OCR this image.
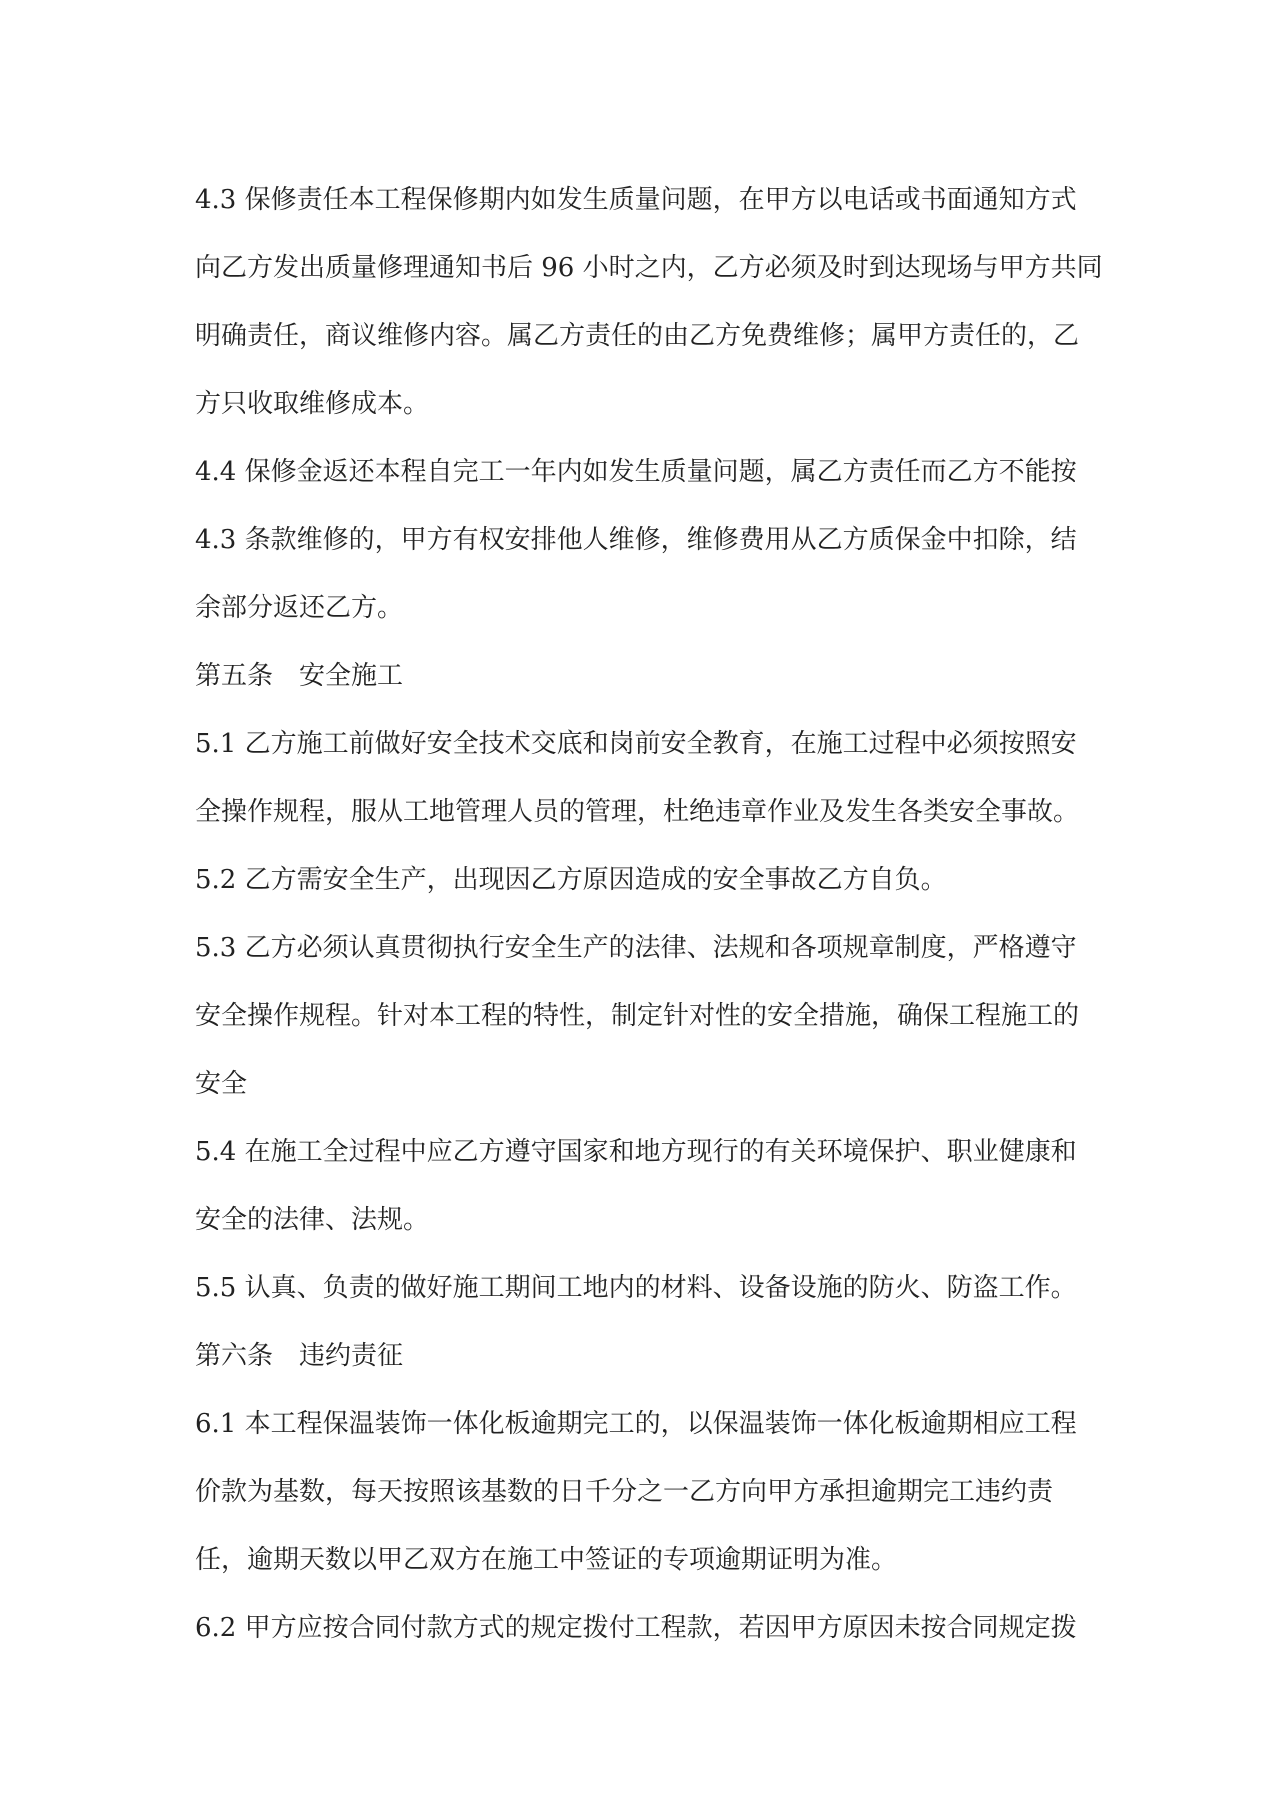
4.3 保修责任本工程保修期内如发生质量问题，在甲方以电话或书面通知方式
向乙方发出质量修理通知书后 96 小时之内，乙方必须及时到达现场与甲方共同
明确责任，商议维修内容。属乙方责任的由乙方免费维修；属甲方责任的，乙
方只收取维修成本。
4.4 保修金返还本程自完工一年内如发生质量问题，属乙方责任而乙方不能按
4.3 条款维修的，甲方有权安排他人维修，维修费用从乙方质保金中扣除，结
余部分返还乙方。
第五条　安全施工
5.1 乙方施工前做好安全技术交底和岗前安全教育，在施工过程中必须按照安
全操作规程，服从工地管理人员的管理，杜绝违章作业及发生各类安全事故。
5.2 乙方需安全生产，出现因乙方原因造成的安全事故乙方自负。
5.3 乙方必须认真贯彻执行安全生产的法律、法规和各项规章制度，严格遵守
安全操作规程。针对本工程的特性，制定针对性的安全措施，确保工程施工的
安全
5.4 在施工全过程中应乙方遵守国家和地方现行的有关环境保护、职业健康和
安全的法律、法规。
5.5 认真、负责的做好施工期间工地内的材料、设备设施的防火、防盗工作。
第六条　违约责征
6.1 本工程保温装饰一体化板逾期完工的，以保温装饰一体化板逾期相应工程
价款为基数，每天按照该基数的日千分之一乙方向甲方承担逾期完工违约责
任，逾期天数以甲乙双方在施工中签证的专项逾期证明为准。
6.2 甲方应按合同付款方式的规定拨付工程款，若因甲方原因未按合同规定拨
